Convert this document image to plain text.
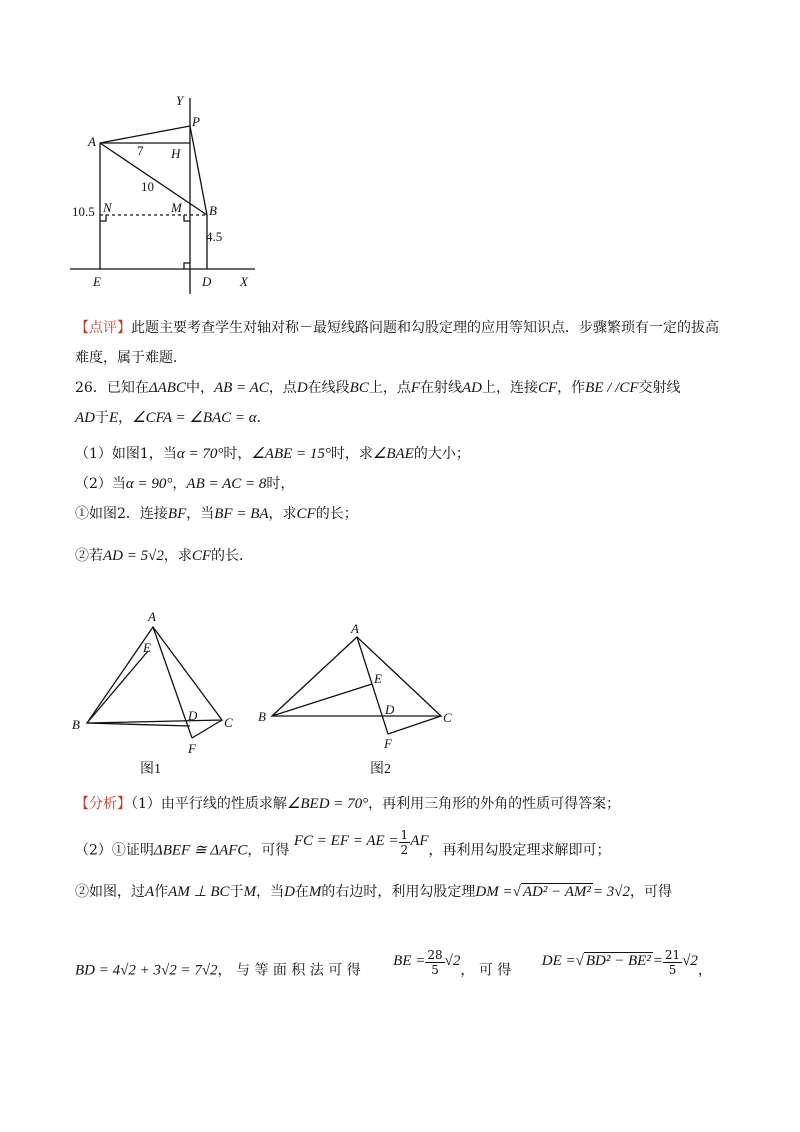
Y
X
A
P
H
N	M B
E	D
7
10
10.5
4.5
【点评】此题主要考查学生对轴对称－最短线路问题和勾股定理的应用等知识点．步骤繁琐有一定的拔高
难度，属于难题．
26．已知在ΔABC中，AB = AC，点D在线段BC上，点F在射线AD上，连接CF，作BE / /CF交射线
AD于E，∠CFA = ∠BAC = α．
（1）如图1，当α = 70°时，∠ABE = 15°时，求∠BAE的大小；
（2）当α = 90°，AB = AC = 8时，
①如图2．连接BF，当BF = BA，求CF的长；
②若AD = 5√2，求CF的长．
A
E
B
D C
F
图1
A
E
B	D
C
F
图2
【分析】（1）由平行线的性质求解∠BED = 70°，再利用三角形的外角的性质可得答案；
（2）①证明ΔBEF ≅ ΔAFC，可得 FC = EF = AE = $\frac{1}{2}$ AF，再利用勾股定理求解即可；
②如图，过A作AM ⊥ BC于M，当D在M的右边时，利用勾股定理DM =√ AD² − AM² = 3√2，可得
BD = 4√2 + 3√2 = 7√2， 与 等 面 积 法 可 得 BE = $\frac{28}{5} √2$， 可 得 DE =√ $BD^2 - BE^2 = \frac{21}{5} √2$，
